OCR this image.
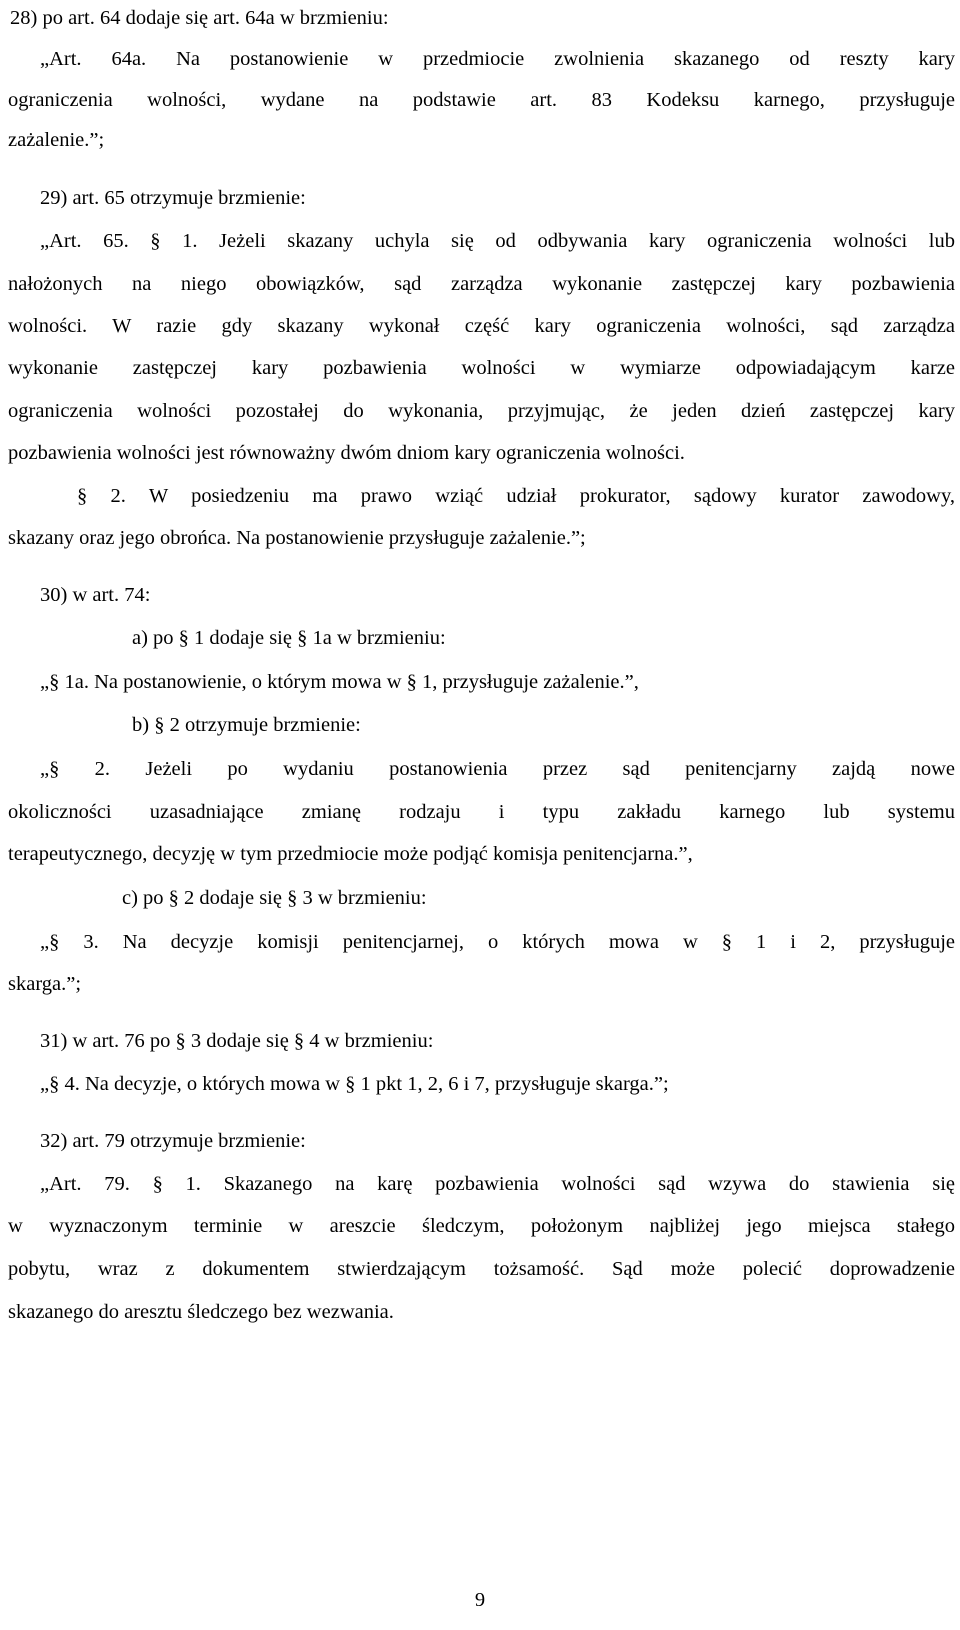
28) po art. 64 dodaje się art. 64a w brzmieniu:
„Art. 64a. Na postanowienie w przedmiocie zwolnienia skazanego od reszty kary
ograniczenia wolności, wydane na podstawie art. 83 Kodeksu karnego, przysługuje
zażalenie.”;
29) art. 65 otrzymuje brzmienie:
„Art. 65. § 1. Jeżeli skazany uchyla się od odbywania kary ograniczenia wolności lub
nałożonych na niego obowiązków, sąd zarządza wykonanie zastępczej kary pozbawienia
wolności. W razie gdy skazany wykonał część kary ograniczenia wolności, sąd zarządza
wykonanie zastępczej kary pozbawienia wolności w wymiarze odpowiadającym karze
ograniczenia wolności pozostałej do wykonania, przyjmując, że jeden dzień zastępczej kary
pozbawienia wolności jest równoważny dwóm dniom kary ograniczenia wolności.
§ 2. W posiedzeniu ma prawo wziąć udział prokurator, sądowy kurator zawodowy,
skazany oraz jego obrońca. Na postanowienie przysługuje zażalenie.”;
30) w art. 74:
a) po § 1 dodaje się § 1a w brzmieniu:
„§ 1a. Na postanowienie, o którym mowa w § 1, przysługuje zażalenie.”,
b) § 2 otrzymuje brzmienie:
„§ 2. Jeżeli po wydaniu postanowienia przez sąd penitencjarny zajdą nowe
okoliczności uzasadniające zmianę rodzaju i typu zakładu karnego lub systemu
terapeutycznego, decyzję w tym przedmiocie może podjąć komisja penitencjarna.”,
c) po § 2 dodaje się § 3 w brzmieniu:
„§ 3. Na decyzje komisji penitencjarnej, o których mowa w § 1 i 2, przysługuje
skarga.”;
31) w art. 76 po § 3 dodaje się § 4 w brzmieniu:
„§ 4. Na decyzje, o których mowa w § 1 pkt 1, 2, 6 i 7, przysługuje skarga.”;
32) art. 79 otrzymuje brzmienie:
„Art. 79. § 1. Skazanego na karę pozbawienia wolności sąd wzywa do stawienia się
w wyznaczonym terminie w areszcie śledczym, położonym najbliżej jego miejsca stałego
pobytu, wraz z dokumentem stwierdzającym tożsamość. Sąd może polecić doprowadzenie
skazanego do aresztu śledczego bez wezwania.
9
